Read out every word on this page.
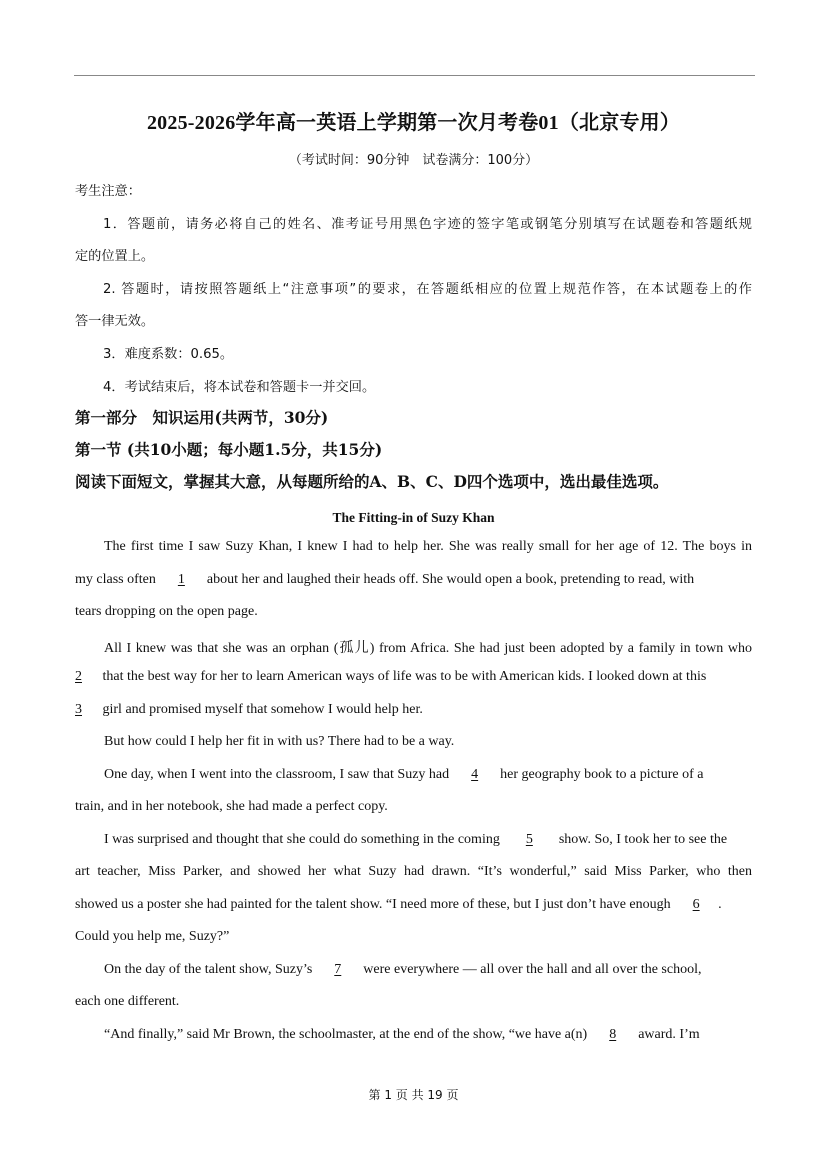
2025-2026学年高一英语上学期第一次月考卷01（北京专用）
（考试时间：90分钟　试卷满分：100分）
考生注意：
1．答题前，请务必将自己的姓名、准考证号用黑色字迹的签字笔或钢笔分别填写在试题卷和答题纸规
定的位置上。
2. 答题时，请按照答题纸上“注意事项”的要求，在答题纸相应的位置上规范作答，在本试题卷上的作
答一律无效。
3．难度系数：0.65。
4．考试结束后，将本试卷和答题卡一并交回。
第一部分　知识运用(共两节，30分)
第一节 (共10小题；每小题1.5分，共15分)
阅读下面短文，掌握其大意，从每题所给的A、B、C、D四个选项中，选出最佳选项。
The Fitting-in of Suzy Khan
The first time I saw Suzy Khan, I knew I had to help her. She was really small for her age of 12. The boys in
my class often 1 about her and laughed their heads off. She would open a book, pretending to read, with
tears dropping on the open page.
All I knew was that she was an orphan (孤儿) from Africa. She had just been adopted by a family in town who
2 that the best way for her to learn American ways of life was to be with American kids. I looked down at this
3 girl and promised myself that somehow I would help her.
But how could I help her fit in with us? There had to be a way.
One day, when I went into the classroom, I saw that Suzy had 4 her geography book to a picture of a
train, and in her notebook, she had made a perfect copy.
I was surprised and thought that she could do something in the coming 5 show. So, I took her to see the
art teacher, Miss Parker, and showed her what Suzy had drawn. “It’s wonderful,” said Miss Parker, who then
showed us a poster she had painted for the talent show. “I need more of these, but I just don’t have enough 6 .
Could you help me, Suzy?”
On the day of the talent show, Suzy’s 7 were everywhere — all over the hall and all over the school,
each one different.
“And finally,” said Mr Brown, the schoolmaster, at the end of the show, “we have a(n) 8 award. I’m
第 1 页 共 19 页
